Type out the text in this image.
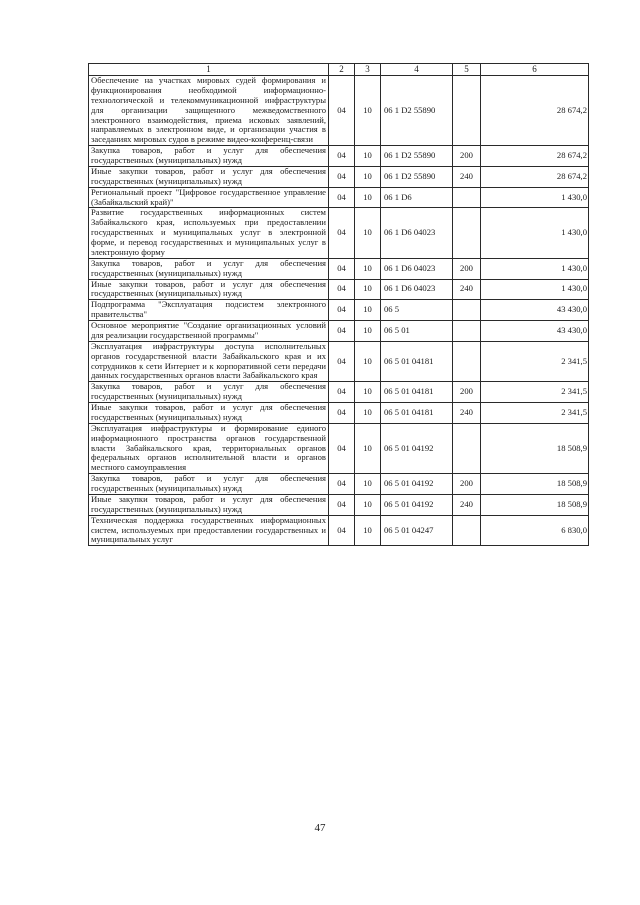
1	2	3	4	5	6
Обеспечение на участках мировых судей формирования и функционирования необходимой информационно-технологической и телекоммуникационной инфраструктуры для организации защищенного межведомственного электронного взаимодействия, приема исковых заявлений, направляемых в электронном виде, и организации участия в заседаниях мировых судов в режиме видео-конференц-связи	04	10	06 1 D2 55890		28 674,2
Закупка товаров, работ и услуг для обеспечения государственных (муниципальных) нужд	04	10	06 1 D2 55890	200	28 674,2
Иные закупки товаров, работ и услуг для обеспечения государственных (муниципальных) нужд	04	10	06 1 D2 55890	240	28 674,2
Региональный проект "Цифровое государственное управление (Забайкальский край)"	04	10	06 1 D6		1 430,0
Развитие государственных информационных систем Забайкальского края, используемых при предоставлении государственных и муниципальных услуг в электронной форме, и перевод государственных и муниципальных услуг в электронную форму	04	10	06 1 D6 04023		1 430,0
Закупка товаров, работ и услуг для обеспечения государственных (муниципальных) нужд	04	10	06 1 D6 04023	200	1 430,0
Иные закупки товаров, работ и услуг для обеспечения государственных (муниципальных) нужд	04	10	06 1 D6 04023	240	1 430,0
Подпрограмма "Эксплуатация подсистем электронного правительства"	04	10	06 5		43 430,0
Основное мероприятие "Создание организационных условий для реализации государственной программы"	04	10	06 5 01		43 430,0
Эксплуатация инфраструктуры доступа исполнительных органов государственной власти Забайкальского края и их сотрудников к сети Интернет и к корпоративной сети передачи данных государственных органов власти Забайкальского края	04	10	06 5 01 04181		2 341,5
Закупка товаров, работ и услуг для обеспечения государственных (муниципальных) нужд	04	10	06 5 01 04181	200	2 341,5
Иные закупки товаров, работ и услуг для обеспечения государственных (муниципальных) нужд	04	10	06 5 01 04181	240	2 341,5
Эксплуатация инфраструктуры и формирование единого информационного пространства органов государственной власти Забайкальского края, территориальных органов федеральных органов исполнительной власти и органов местного самоуправления	04	10	06 5 01 04192		18 508,9
Закупка товаров, работ и услуг для обеспечения государственных (муниципальных) нужд	04	10	06 5 01 04192	200	18 508,9
Иные закупки товаров, работ и услуг для обеспечения государственных (муниципальных) нужд	04	10	06 5 01 04192	240	18 508,9
Техническая поддержка государственных информационных систем, используемых при предоставлении государственных и муниципальных услуг	04	10	06 5 01 04247		6 830,0
47
